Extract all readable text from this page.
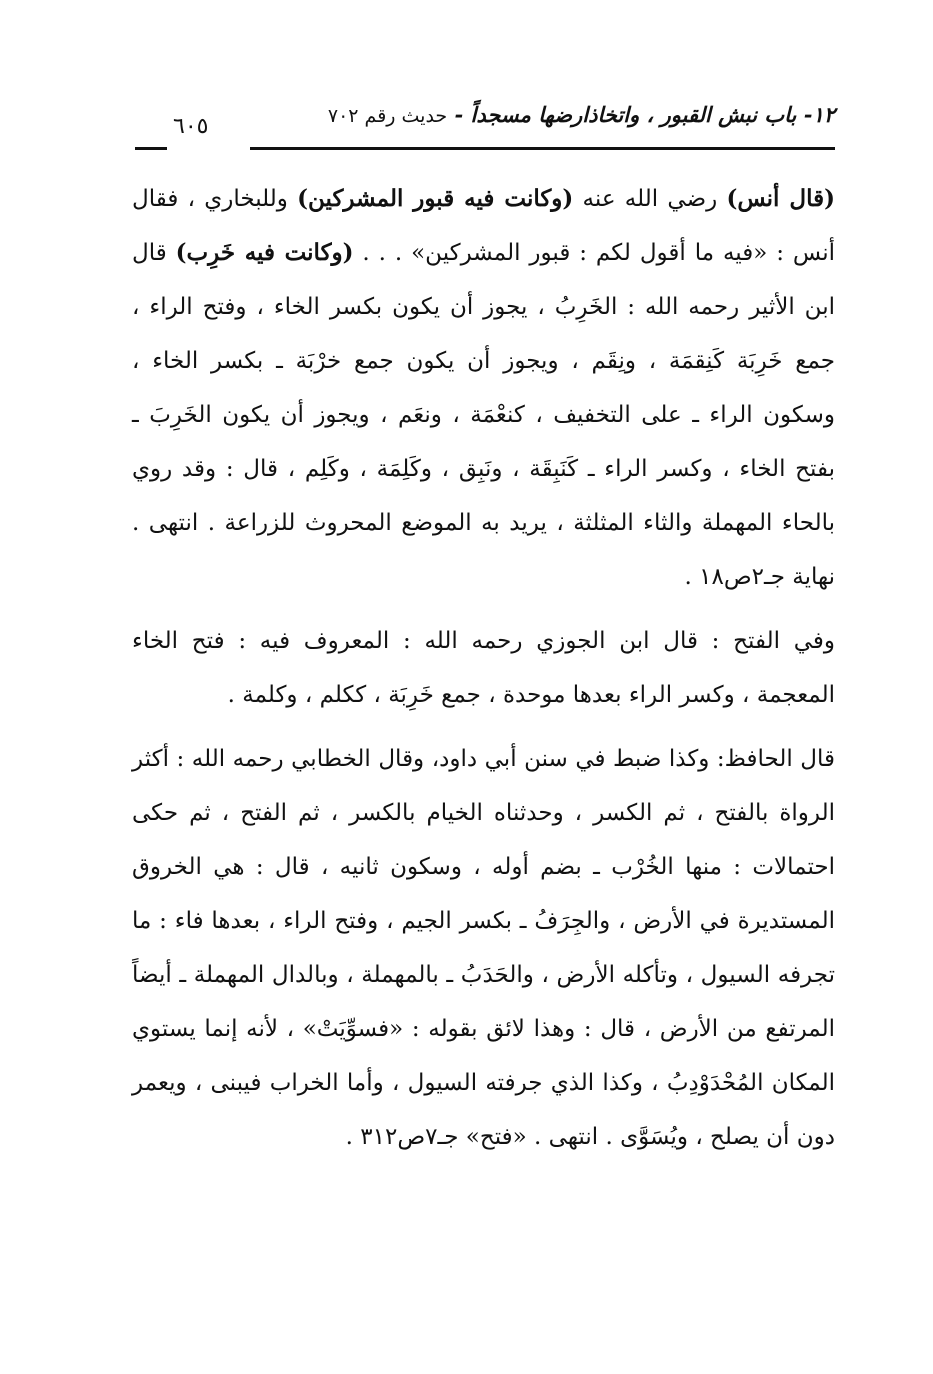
١٢- باب نبش القبور ، واتخاذارضها مسجداً - حديث رقم ٧٠٢
٦٠٥

(قال أنس) رضي الله عنه (وكانت فيه قبور المشركين) وللبخاري ، فقال أنس : «فيه ما أقول لكم : قبور المشركين» . . . (وكانت فيه خَرِب) قال ابن الأثير رحمه الله : الخَرِبُ ، يجوز أن يكون بكسر الخاء ، وفتح الراء ، جمع خَرِبَة كَنِقمَة ، ونِقَم ، ويجوز أن يكون جمع خرْبَة ـ بكسر الخاء ، وسكون الراء ـ على التخفيف ، كنعْمَة ، ونعَم ، ويجوز أن يكون الخَرِبَ ـ بفتح الخاء ، وكسر الراء ـ كَنَبِقَة ، ونَبِق ، وكَلِمَة ، وكَلِم ، قال : وقد روي بالحاء المهملة والثاء المثلثة ، يريد به الموضع المحروث للزراعة . انتهى . نهاية جـ٢ص١٨ .

وفي الفتح : قال ابن الجوزي رحمه الله : المعروف فيه : فتح الخاء المعجمة ، وكسر الراء بعدها موحدة ، جمع خَرِبَة ، ككلم ، وكلمة .

قال الحافظ: وكذا ضبط في سنن أبي داود، وقال الخطابي رحمه الله : أكثر الرواة بالفتح ، ثم الكسر ، وحدثناه الخيام بالكسر ، ثم الفتح ، ثم حكى احتمالات : منها الخُرْب ـ بضم أوله ، وسكون ثانيه ، قال : هي الخروق المستديرة في الأرض ، والجِرَفُ ـ بكسر الجيم ، وفتح الراء ، بعدها فاء : ما تجرفه السيول ، وتأكله الأرض ، والحَدَبُ ـ بالمهملة ، وبالدال المهملة ـ أيضاً المرتفع من الأرض ، قال : وهذا لائق بقوله : «فسوِّيَتْ» ، لأنه إنما يستوي المكان المُحْدَوْدِبُ ، وكذا الذي جرفته السيول ، وأما الخراب فيبنى ، ويعمر دون أن يصلح ، ويُسَوَّى . انتهى . «فتح» جـ٧ص٣١٢ .
